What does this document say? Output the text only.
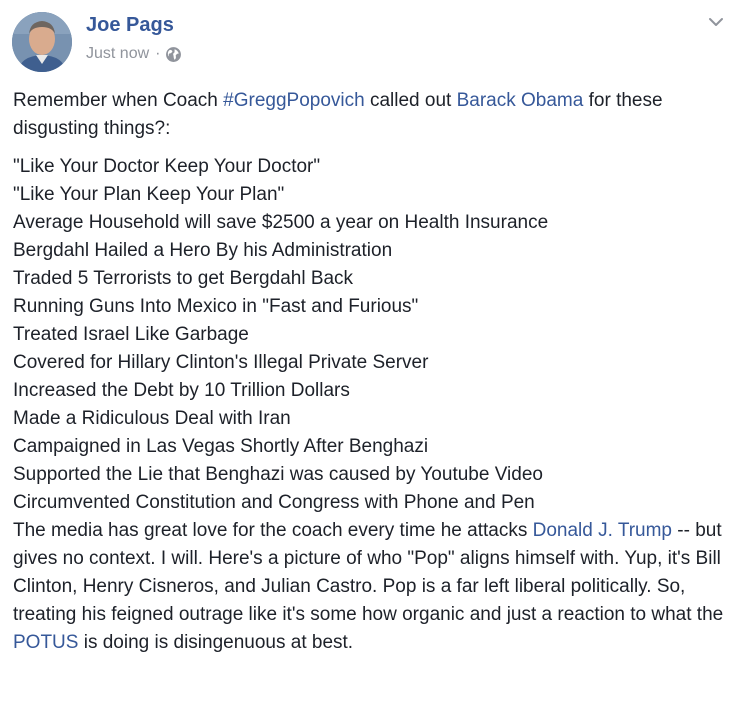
Joe Pags
Just now ·

Remember when Coach #GreggPopovich called out Barack Obama for these disgusting things?:

"Like Your Doctor Keep Your Doctor"
"Like Your Plan Keep Your Plan"
Average Household will save $2500 a year on Health Insurance
Bergdahl Hailed a Hero By his Administration
Traded 5 Terrorists to get Bergdahl Back
Running Guns Into Mexico in "Fast and Furious"
Treated Israel Like Garbage
Covered for Hillary Clinton's Illegal Private Server
Increased the Debt by 10 Trillion Dollars
Made a Ridiculous Deal with Iran
Campaigned in Las Vegas Shortly After Benghazi
Supported the Lie that Benghazi was caused by Youtube Video
Circumvented Constitution and Congress with Phone and Pen

The media has great love for the coach every time he attacks Donald J. Trump -- but gives no context. I will. Here's a picture of who "Pop" aligns himself with. Yup, it's Bill Clinton, Henry Cisneros, and Julian Castro. Pop is a far left liberal politically. So, treating his feigned outrage like it's some how organic and just a reaction to what the POTUS is doing is disingenuous at best.
